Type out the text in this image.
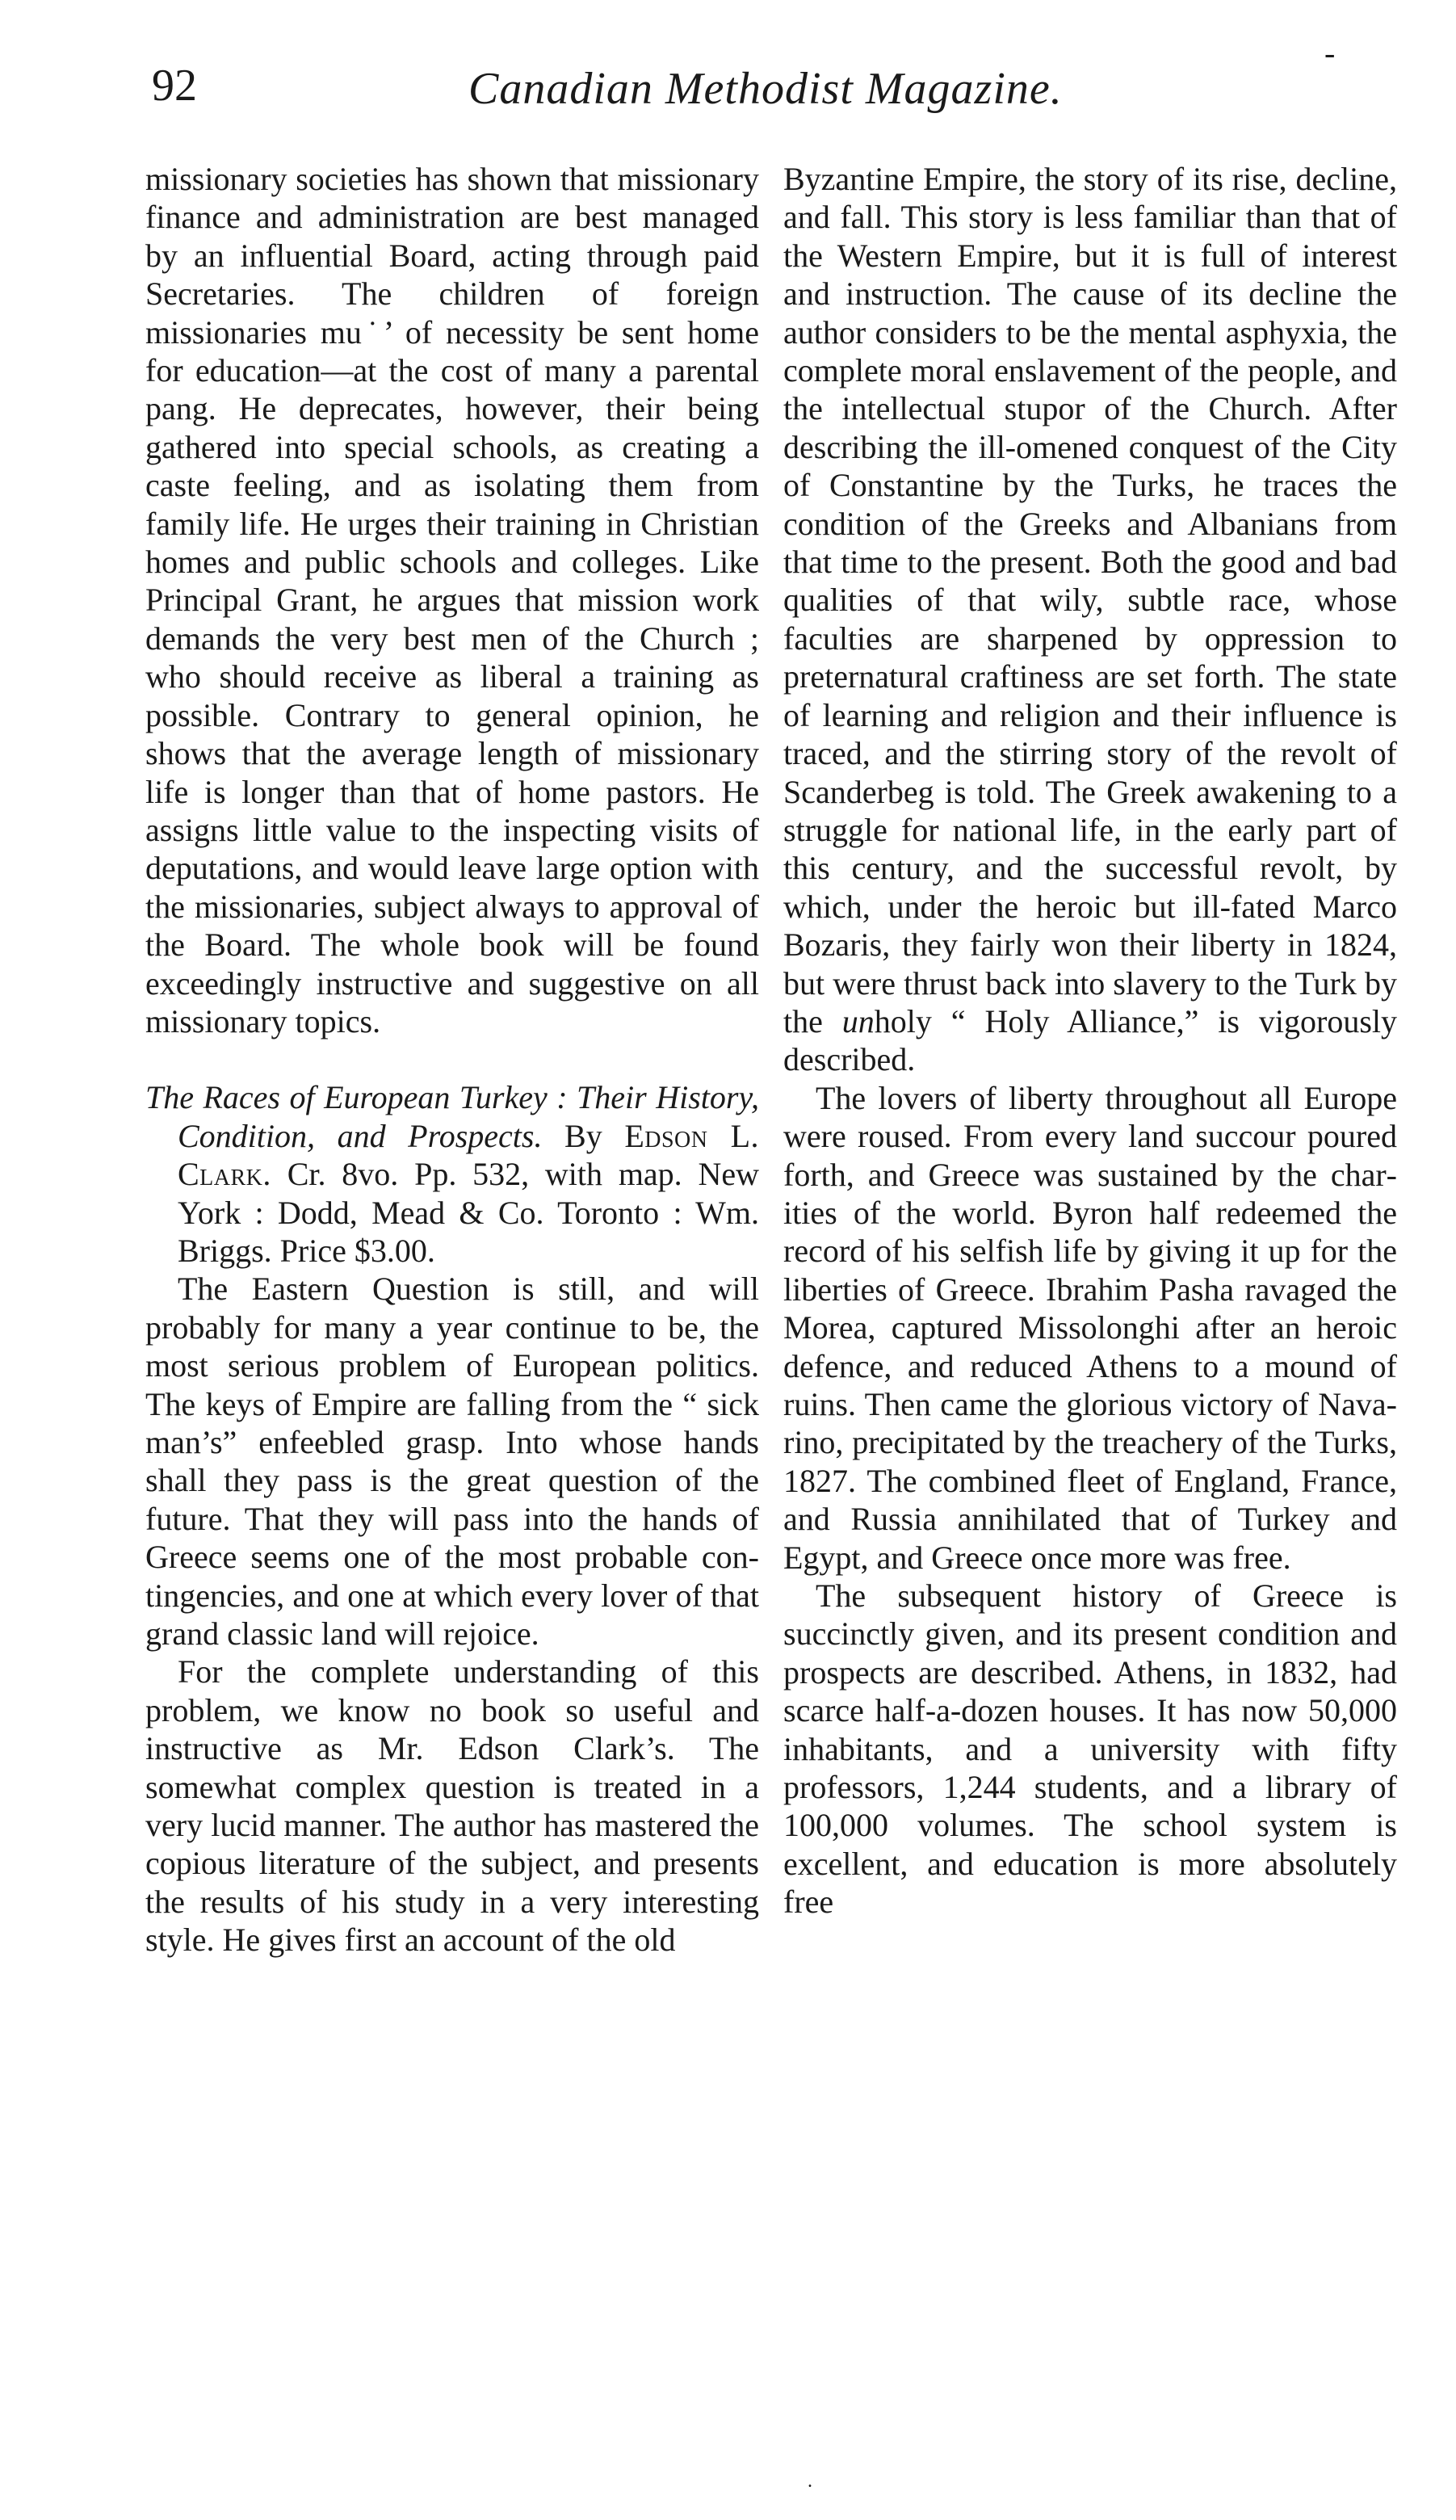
92	Canadian Methodist Magazine.
-

missionary societies has shown that missionary finance and administration are best managed by an influential Board, acting through paid Secretaries. The children of foreign missionaries mu˙’ of necessity be sent home for education—at the cost of many a parental pang. He deprecates, however, their being gathered into special schools, as creating a caste feeling, and as isolating them from family life. He urges their training in Christian homes and public schools and colleges. Like Principal Grant, he argues that mission work demands the very best men of the Church ; who should receive as liberal a training as possible. Contrary to general opinion, he shows that the average length of missionary life is longer than that of home pastors. He assigns little value to the inspecting visits of deputations, and would leave large option with the missionaries, subject always to approval of the Board. The whole book will be found exceedingly instructive and suggestive on all missionary topics.

The Races of European Turkey : Their History, Condition, and Prospects. By Edson L. Clark. Cr. 8vo. Pp. 532, with map. New York : Dodd, Mead & Co. Toronto : Wm. Briggs. Price $3.00.

The Eastern Question is still, and will probably for many a year continue to be, the most serious problem of European politics. The keys of Empire are falling from the “ sick man’s” enfeebled grasp. Into whose hands shall they pass is the great question of the future. That they will pass into the hands of Greece seems one of the most probable contingencies, and one at which every lover of that grand classic land will rejoice.

For the complete understanding of this problem, we know no book so useful and instructive as Mr. Edson Clark’s. The somewhat complex question is treated in a very lucid manner. The author has mastered the copious literature of the subject, and presents the results of his study in a very interesting style. He gives first an account of the old

Byzantine Empire, the story of its rise, decline, and fall. This story is less familiar than that of the Western Empire, but it is full of interest and instruction. The cause of its decline the author considers to be the mental asphyxia, the complete moral enslavement of the people, and the intellectual stupor of the Church. After describing the ill-omened conquest of the City of Constantine by the Turks, he traces the condition of the Greeks and Albanians from that time to the present. Both the good and bad qualities of that wily, subtle race, whose faculties are sharpened by oppression to preternatural craftiness are set forth. The state of learning and religion and their influence is traced, and the stirring story of the revolt of Scanderbeg is told. The Greek awakening to a struggle for national life, in the early part of this century, and the successful revolt, by which, under the heroic but ill-fated Marco Bozaris, they fairly won their liberty in 1824, but were thrust back into slavery to the Turk by the unholy “ Holy Alliance,” is vigorously described.

The lovers of liberty throughout all Europe were roused. From every land succour poured forth, and Greece was sustained by the charities of the world. Byron half redeemed the record of his selfish life by giving it up for the liberties of Greece. Ibrahim Pasha ravaged the Morea, captured Missolonghi after an heroic defence, and reduced Athens to a mound of ruins. Then came the glorious victory of Navarino, precipitated by the treachery of the Turks, 1827. The combined fleet of England, France, and Russia annihilated that of Turkey and Egypt, and Greece once more was free.

The subsequent history of Greece is succinctly given, and its present condition and prospects are described. Athens, in 1832, had scarce half-a-dozen houses. It has now 50,000 inhabitants, and a university with fifty professors, 1,244 students, and a library of 100,000 volumes. The school system is excellent, and education is more absolutely free

.
